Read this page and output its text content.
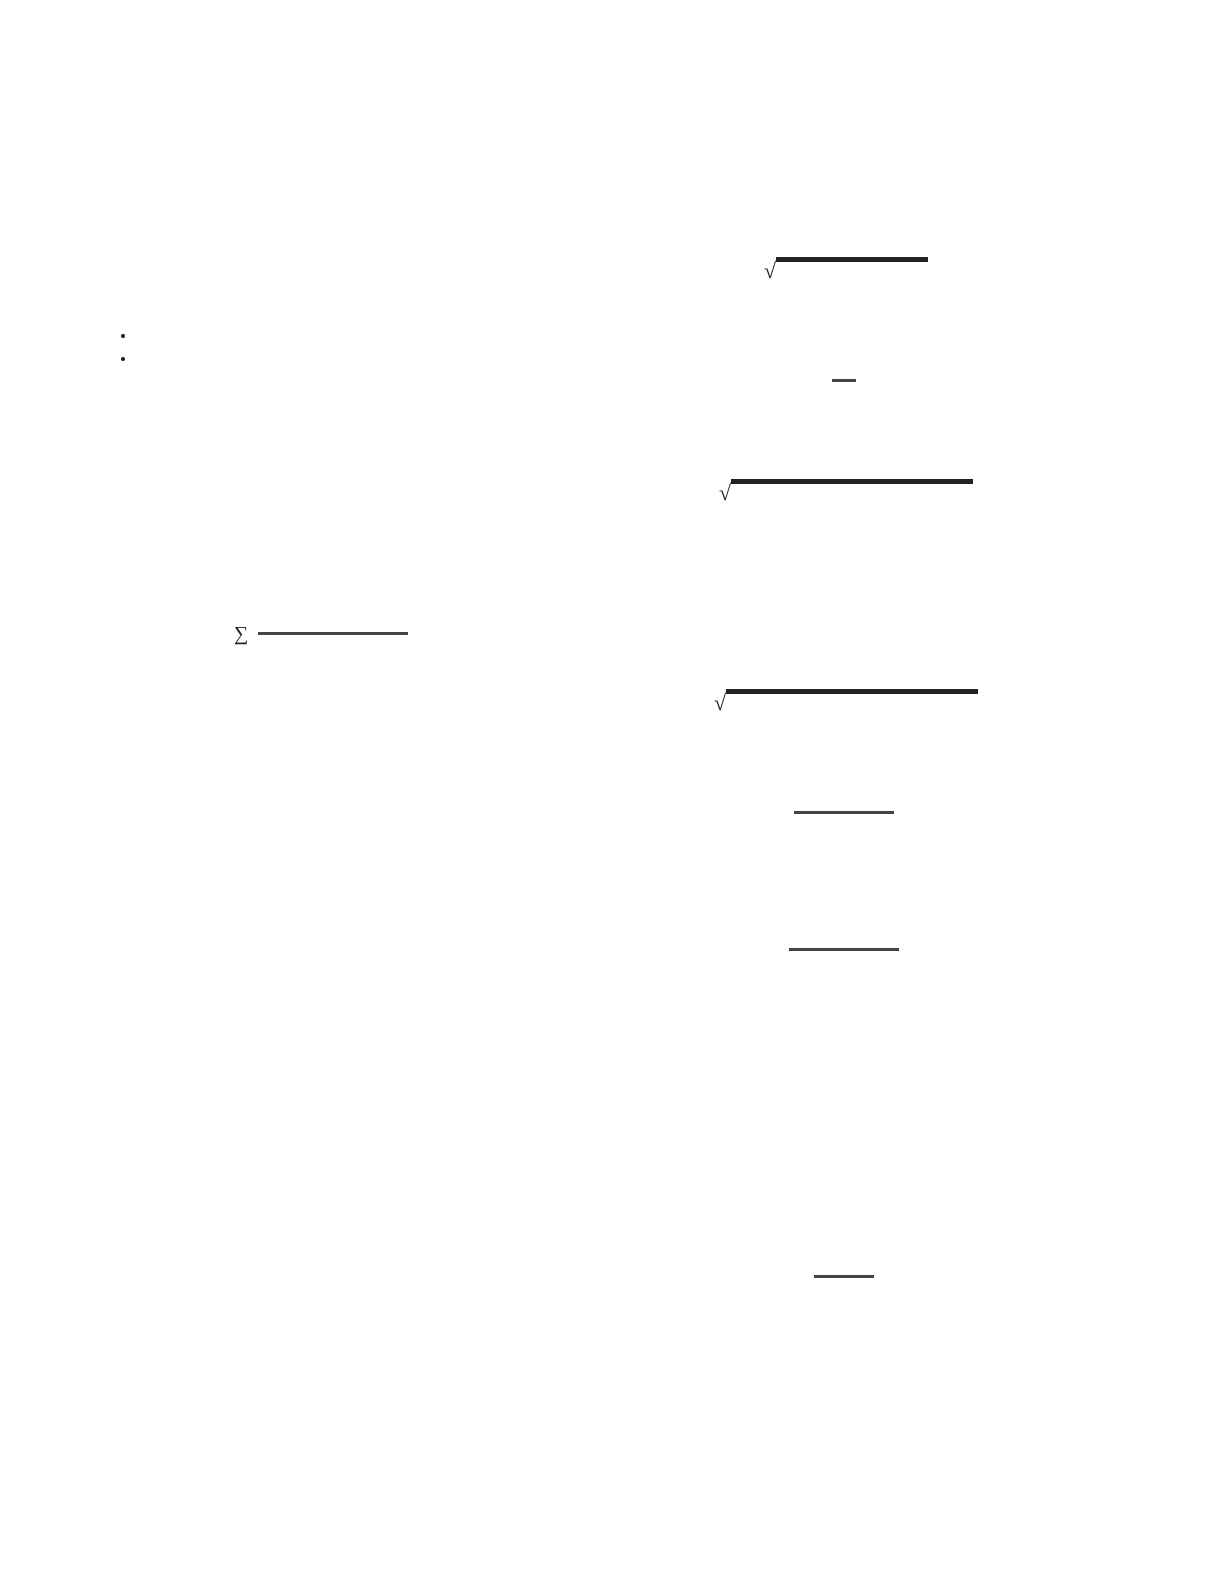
•
•

∑

√

√

√
